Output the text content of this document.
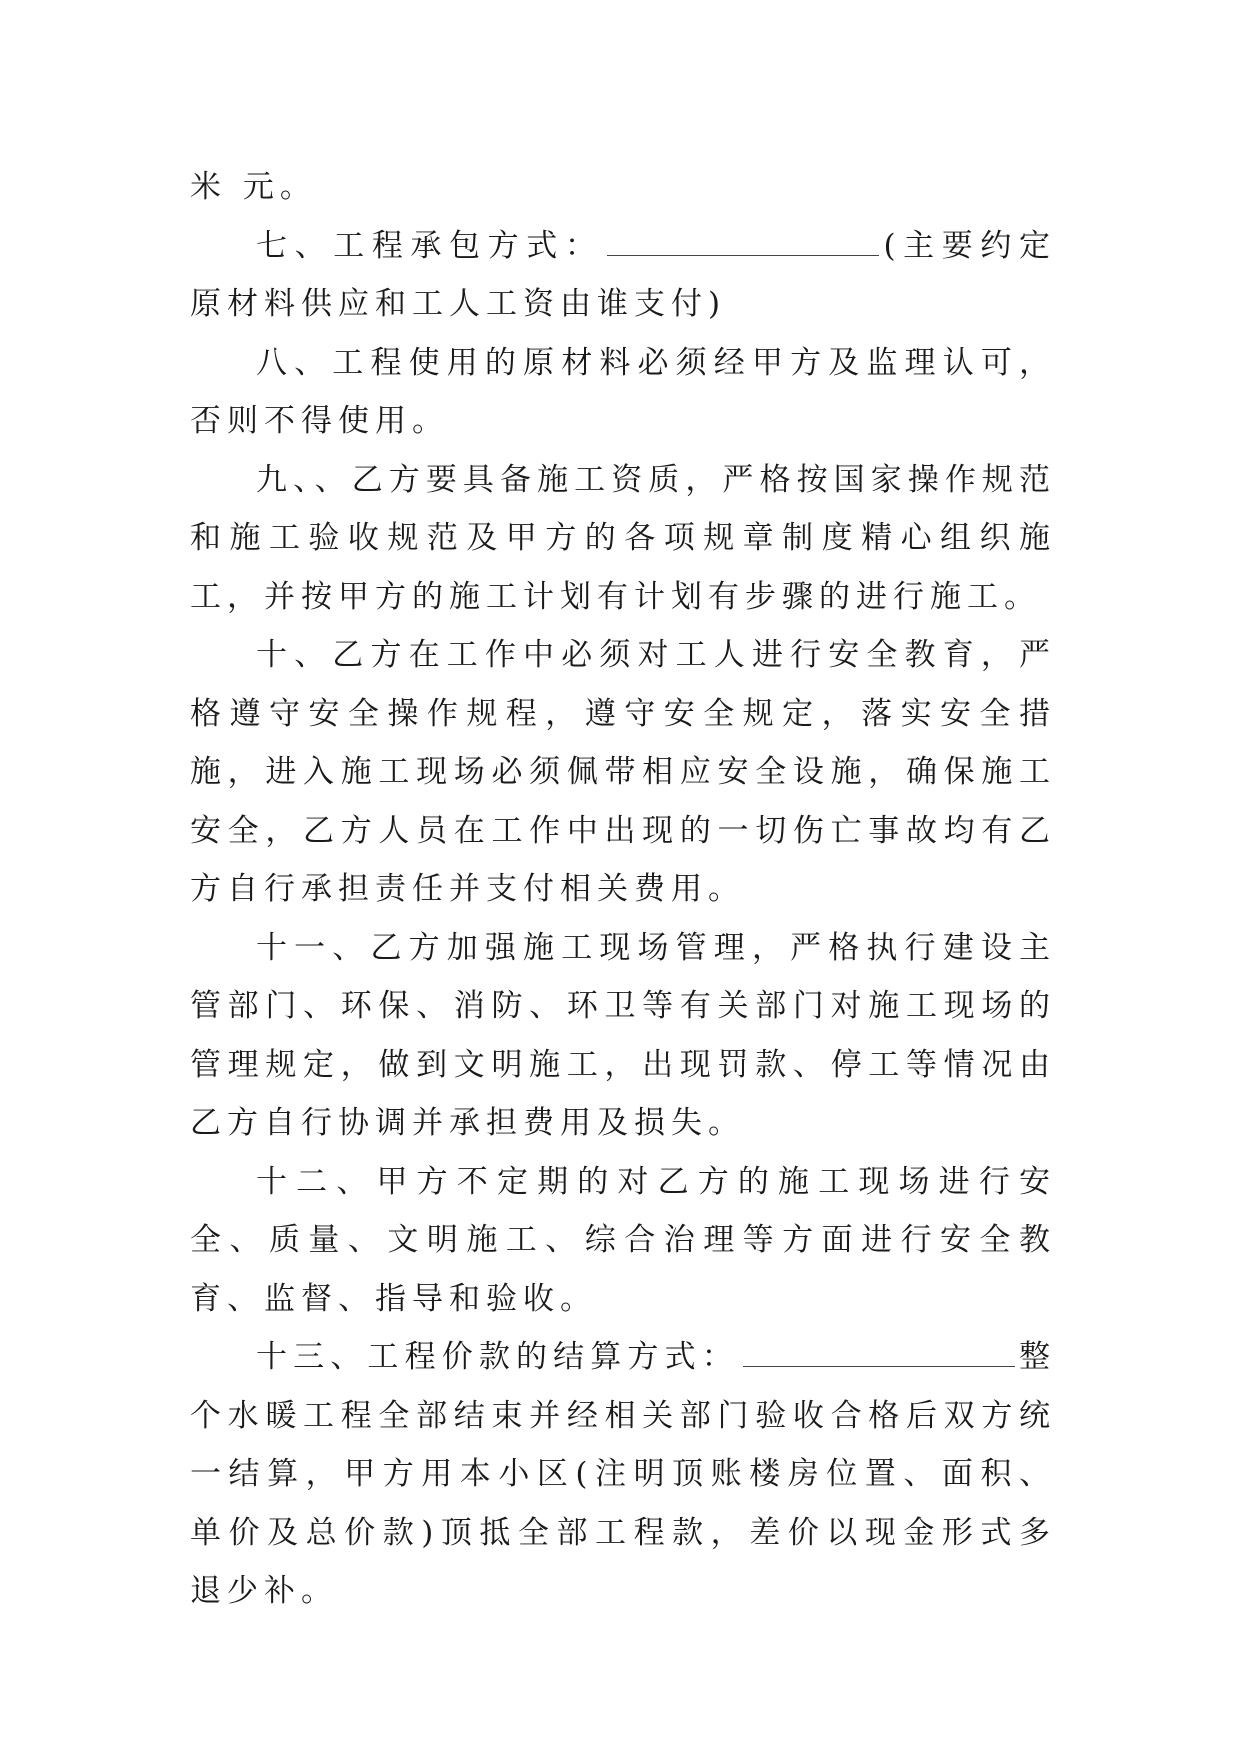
米 元。

七、工程承包方式：	(主要约定原材料供应和工人工资由谁支付)

八、工程使用的原材料必须经甲方及监理认可，否则不得使用。

九、、乙方要具备施工资质，严格按国家操作规范和施工验收规范及甲方的各项规章制度精心组织施工，并按甲方的施工计划有计划有步骤的进行施工。

十、乙方在工作中必须对工人进行安全教育，严格遵守安全操作规程，遵守安全规定，落实安全措施，进入施工现场必须佩带相应安全设施，确保施工安全，乙方人员在工作中出现的一切伤亡事故均有乙方自行承担责任并支付相关费用。

十一、乙方加强施工现场管理，严格执行建设主管部门、环保、消防、环卫等有关部门对施工现场的管理规定，做到文明施工，出现罚款、停工等情况由乙方自行协调并承担费用及损失。

十二、甲方不定期的对乙方的施工现场进行安全、质量、文明施工、综合治理等方面进行安全教育、监督、指导和验收。

十三、工程价款的结算方式：	整个水暖工程全部结束并经相关部门验收合格后双方统一结算，甲方用本小区(注明顶账楼房位置、面积、单价及总价款)顶抵全部工程款，差价以现金形式多退少补。
